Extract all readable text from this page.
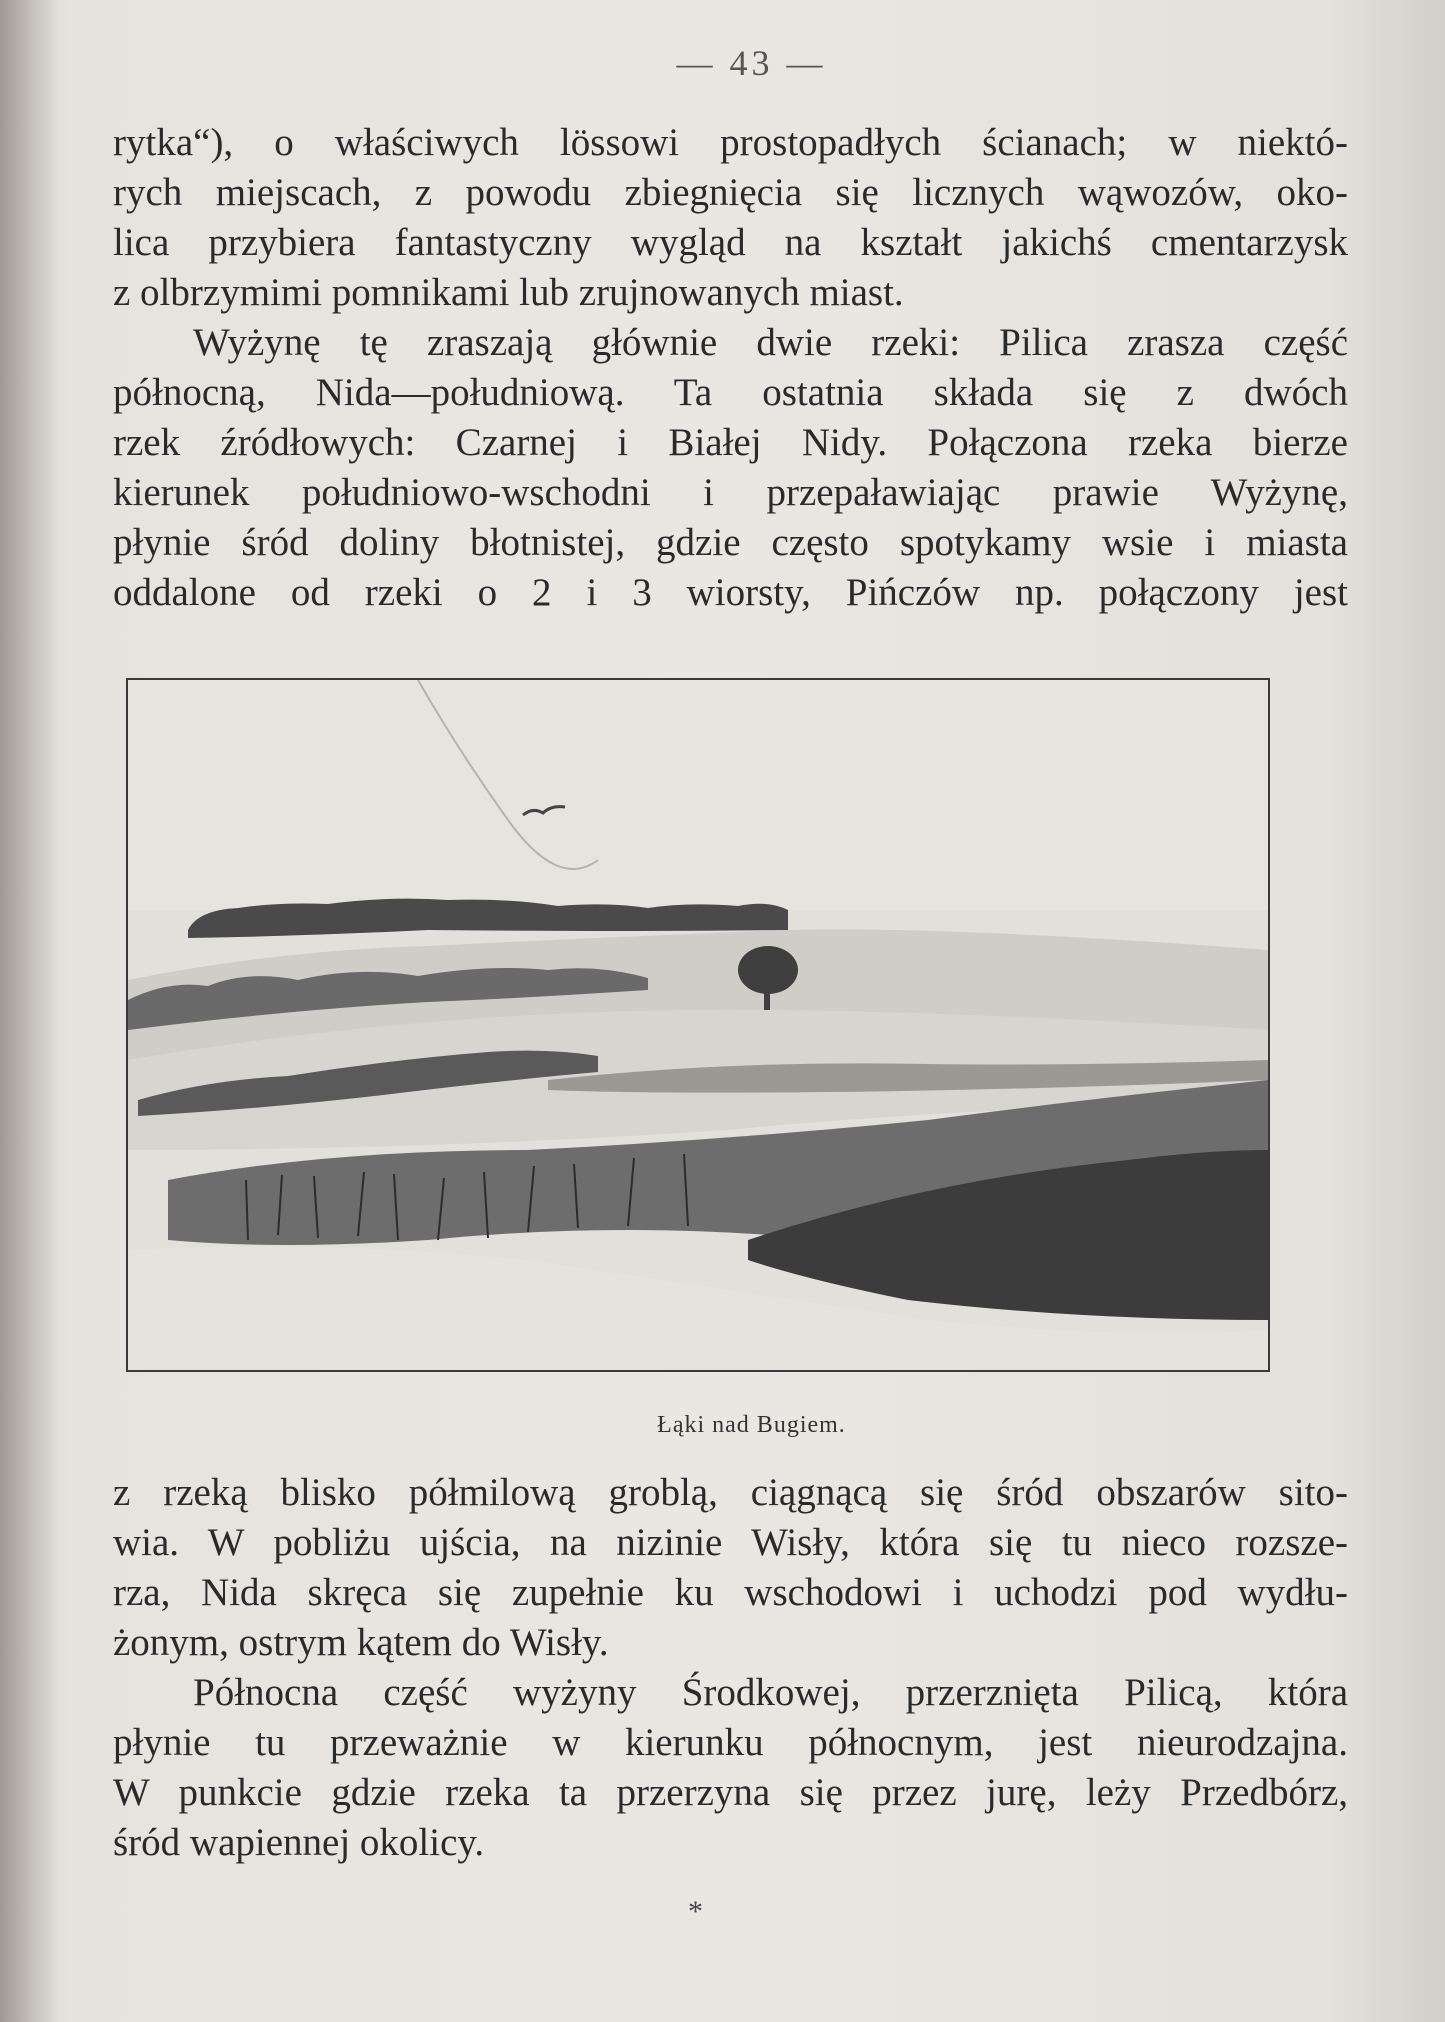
— 43 —

rytka“), o właściwych lössowi prostopadłych ścianach; w niektó-
rych miejscach, z powodu zbiegnięcia się licznych wąwozów, oko-
lica przybiera fantastyczny wygląd na kształt jakichś cmentarzysk
z olbrzymimi pomnikami lub zrujnowanych miast.

Wyżynę tę zraszają głównie dwie rzeki: Pilica zrasza część
północną, Nida—południową. Ta ostatnia składa się z dwóch
rzek źródłowych: Czarnej i Białej Nidy. Połączona rzeka bierze
kierunek południowo-wschodni i przepaławiając prawie Wyżynę,
płynie śród doliny błotnistej, gdzie często spotykamy wsie i miasta
oddalone od rzeki o 2 i 3 wiorsty, Pińczów np. połączony jest

Łąki nad Bugiem.

z rzeką blisko półmilową groblą, ciągnącą się śród obszarów sito-
wia. W pobliżu ujścia, na nizinie Wisły, która się tu nieco rozsze-
rza, Nida skręca się zupełnie ku wschodowi i uchodzi pod wydłu-
żonym, ostrym kątem do Wisły.

Północna część wyżyny Środkowej, przerznięta Pilicą, która
płynie tu przeważnie w kierunku północnym, jest nieurodzajna.
W punkcie gdzie rzeka ta przerzyna się przez jurę, leży Przedbórz,
śród wapiennej okolicy.

*
